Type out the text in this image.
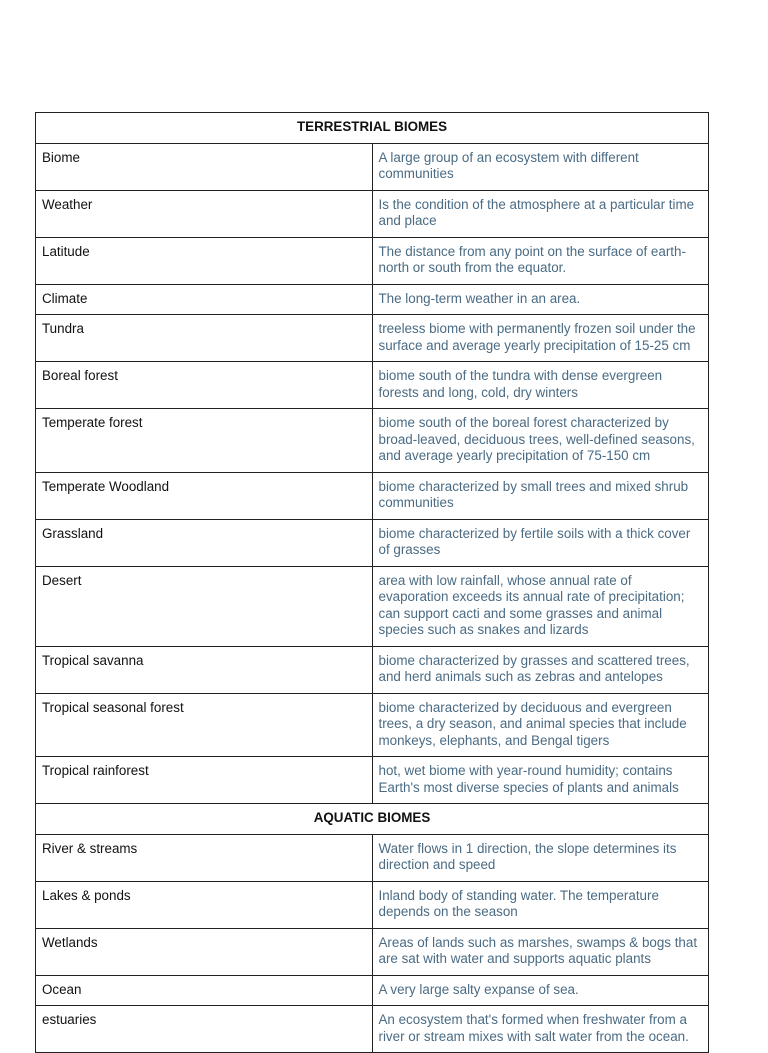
TERRESTRIAL BIOMES	
Biome	A large group of an ecosystem with different communities
Weather	Is the condition of the atmosphere at a particular time and place
Latitude	The distance from any point on the surface of earth-north or south from the equator.
Climate	The long-term weather in an area.
Tundra	treeless biome with permanently frozen soil under the surface and average yearly precipitation of 15-25 cm
Boreal forest	biome south of the tundra with dense evergreen forests and long, cold, dry winters
Temperate forest	biome south of the boreal forest characterized by broad-leaved, deciduous trees, well-defined seasons, and average yearly precipitation of 75-150 cm
Temperate Woodland	biome characterized by small trees and mixed shrub communities
Grassland	biome characterized by fertile soils with a thick cover of grasses
Desert	area with low rainfall, whose annual rate of evaporation exceeds its annual rate of precipitation; can support cacti and some grasses and animal species such as snakes and lizards
Tropical savanna	biome characterized by grasses and scattered trees, and herd animals such as zebras and antelopes
Tropical seasonal forest	biome characterized by deciduous and evergreen trees, a dry season, and animal species that include monkeys, elephants, and Bengal tigers
Tropical rainforest	hot, wet biome with year-round humidity; contains Earth's most diverse species of plants and animals
AQUATIC BIOMES	
River & streams	Water flows in 1 direction, the slope determines its direction and speed
Lakes & ponds	Inland body of standing water. The temperature depends on the season
Wetlands	Areas of lands such as marshes, swamps & bogs that are sat with water and supports aquatic plants
Ocean	A very large salty expanse of sea.
estuaries	An ecosystem that's formed when freshwater from a river or stream mixes with salt water from the ocean.
